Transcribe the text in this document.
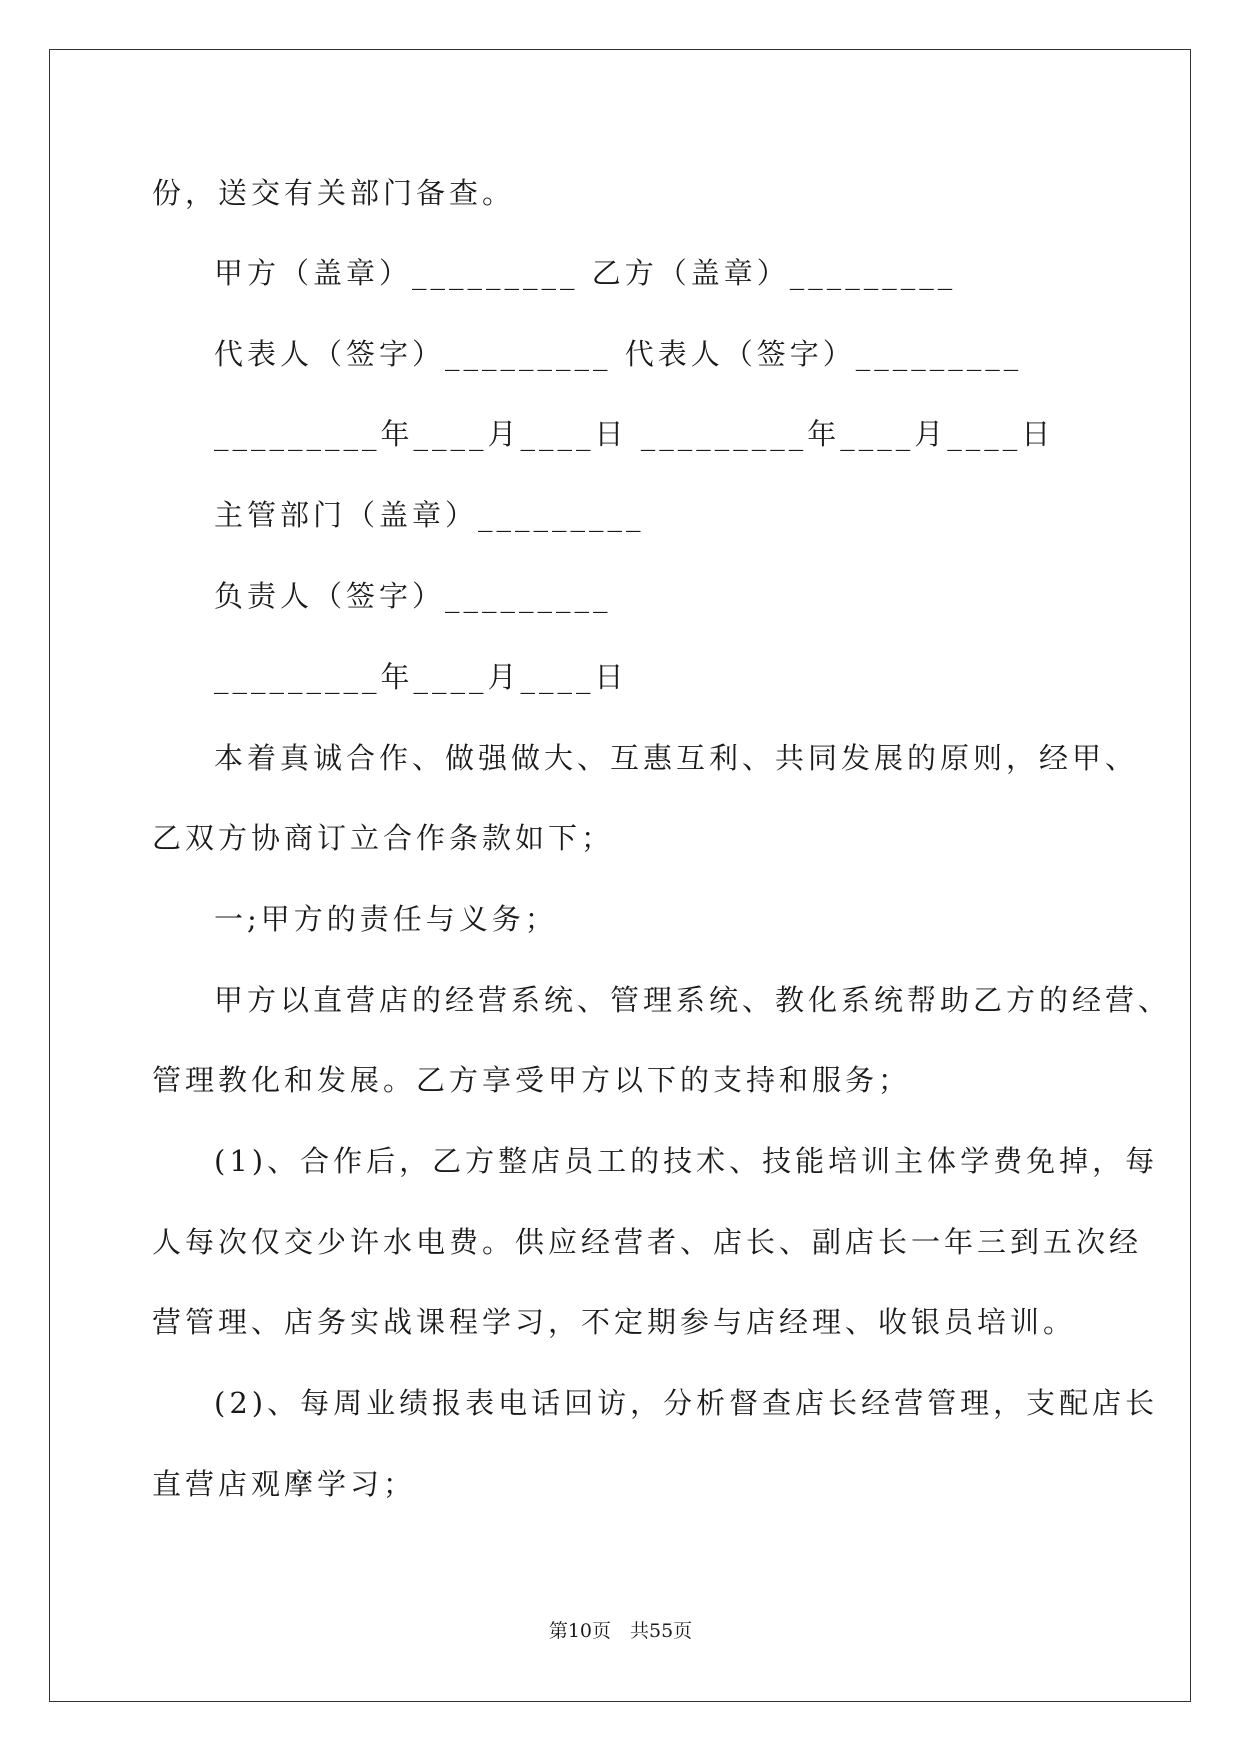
份，送交有关部门备查。
甲方（盖章）_________ 乙方（盖章）_________
代表人（签字）_________ 代表人（签字）_________
_________年____月____日 _________年____月____日
主管部门（盖章）_________
负责人（签字）_________
_________年____月____日
本着真诚合作、做强做大、互惠互利、共同发展的原则，经甲、
乙双方协商订立合作条款如下；
一;甲方的责任与义务；
甲方以直营店的经营系统、管理系统、教化系统帮助乙方的经营、
管理教化和发展。乙方享受甲方以下的支持和服务；
(1)、合作后，乙方整店员工的技术、技能培训主体学费免掉，每
人每次仅交少许水电费。供应经营者、店长、副店长一年三到五次经
营管理、店务实战课程学习，不定期参与店经理、收银员培训。
(2)、每周业绩报表电话回访，分析督查店长经营管理，支配店长
直营店观摩学习；
第10页　共55页
